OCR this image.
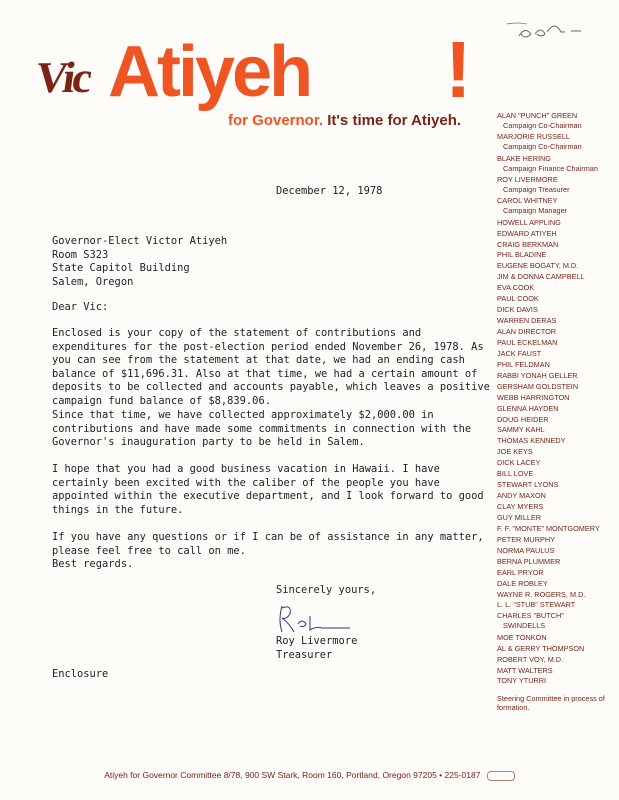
Vic Atiyeh !
for Governor. It's time for Atiyeh.	ALAN "PUNCH" GREEN
Campaign Co-Chairman
MARJORIE RUSSELL
Campaign Co-Chairman
BLAKE HERING
Campaign Finance Chairman
ROY LIVERMORE
Campaign Treasurer
CAROL WHITNEY
Campaign Manager
HOWELL APPLING
EDWARD ATIYEH
CRAIG BERKMAN
PHIL BLADINE
EUGENE BOGATY, M.D.
JIM & DONNA CAMPBELL
EVA COOK
PAUL COOK
DICK DAVIS
WARREN DERAS
ALAN DIRECTOR
PAUL ECKELMAN
JACK FAUST
PHIL FELDMAN
RABBI YONAH GELLER
GERSHAM GOLDSTEIN
WEBB HARRINGTON
GLENNA HAYDEN
DOUG HEIDER
SAMMY KAHL
THOMAS KENNEDY
JOE KEYS
DICK LACEY
BILL LOVE
STEWART LYONS
ANDY MAXON
CLAY MYERS
GUY MILLER
F. F. "MONTE" MONTGOMERY
PETER MURPHY
NORMA PAULUS
BERNA PLUMMER
EARL PRYOR
DALE ROBLEY
WAYNE R. ROGERS, M.D.
L. L. "STUB" STEWART
CHARLES "BUTCH"
SWINDELLS
MOE TONKON
AL & GERRY THOMPSON
ROBERT VOY, M.D.
MATT WALTERS
TONY YTURRI
Steering Committee in process of formation.
December 12, 1978
Governor-Elect Victor Atiyeh
Room S323
State Capitol Building
Salem, Oregon

Dear Vic:

Enclosed is your copy of the statement of contributions and expenditures for the post-election period ended November 26, 1978. As you can see from the statement at that date, we had an ending cash balance of $11,696.31. Also at that time, we had a certain amount of deposits to be collected and accounts payable, which leaves a positive campaign fund balance of $8,839.06.

Since that time, we have collected approximately $2,000.00 in contributions and have made some commitments in connection with the Governor's inauguration party to be held in Salem.

I hope that you had a good business vacation in Hawaii. I have certainly been excited with the caliber of the people you have appointed within the executive department, and I look forward to good things in the future.

If you have any questions or if I can be of assistance in any matter, please feel free to call on me.

Best regards.

Sincerely yours,

Roy Livermore
Treasurer

Enclosure

Atiyeh for Governor Committee 8/78, 900 SW Stark, Room 160, Portland, Oregon 97205 • 225-0187
